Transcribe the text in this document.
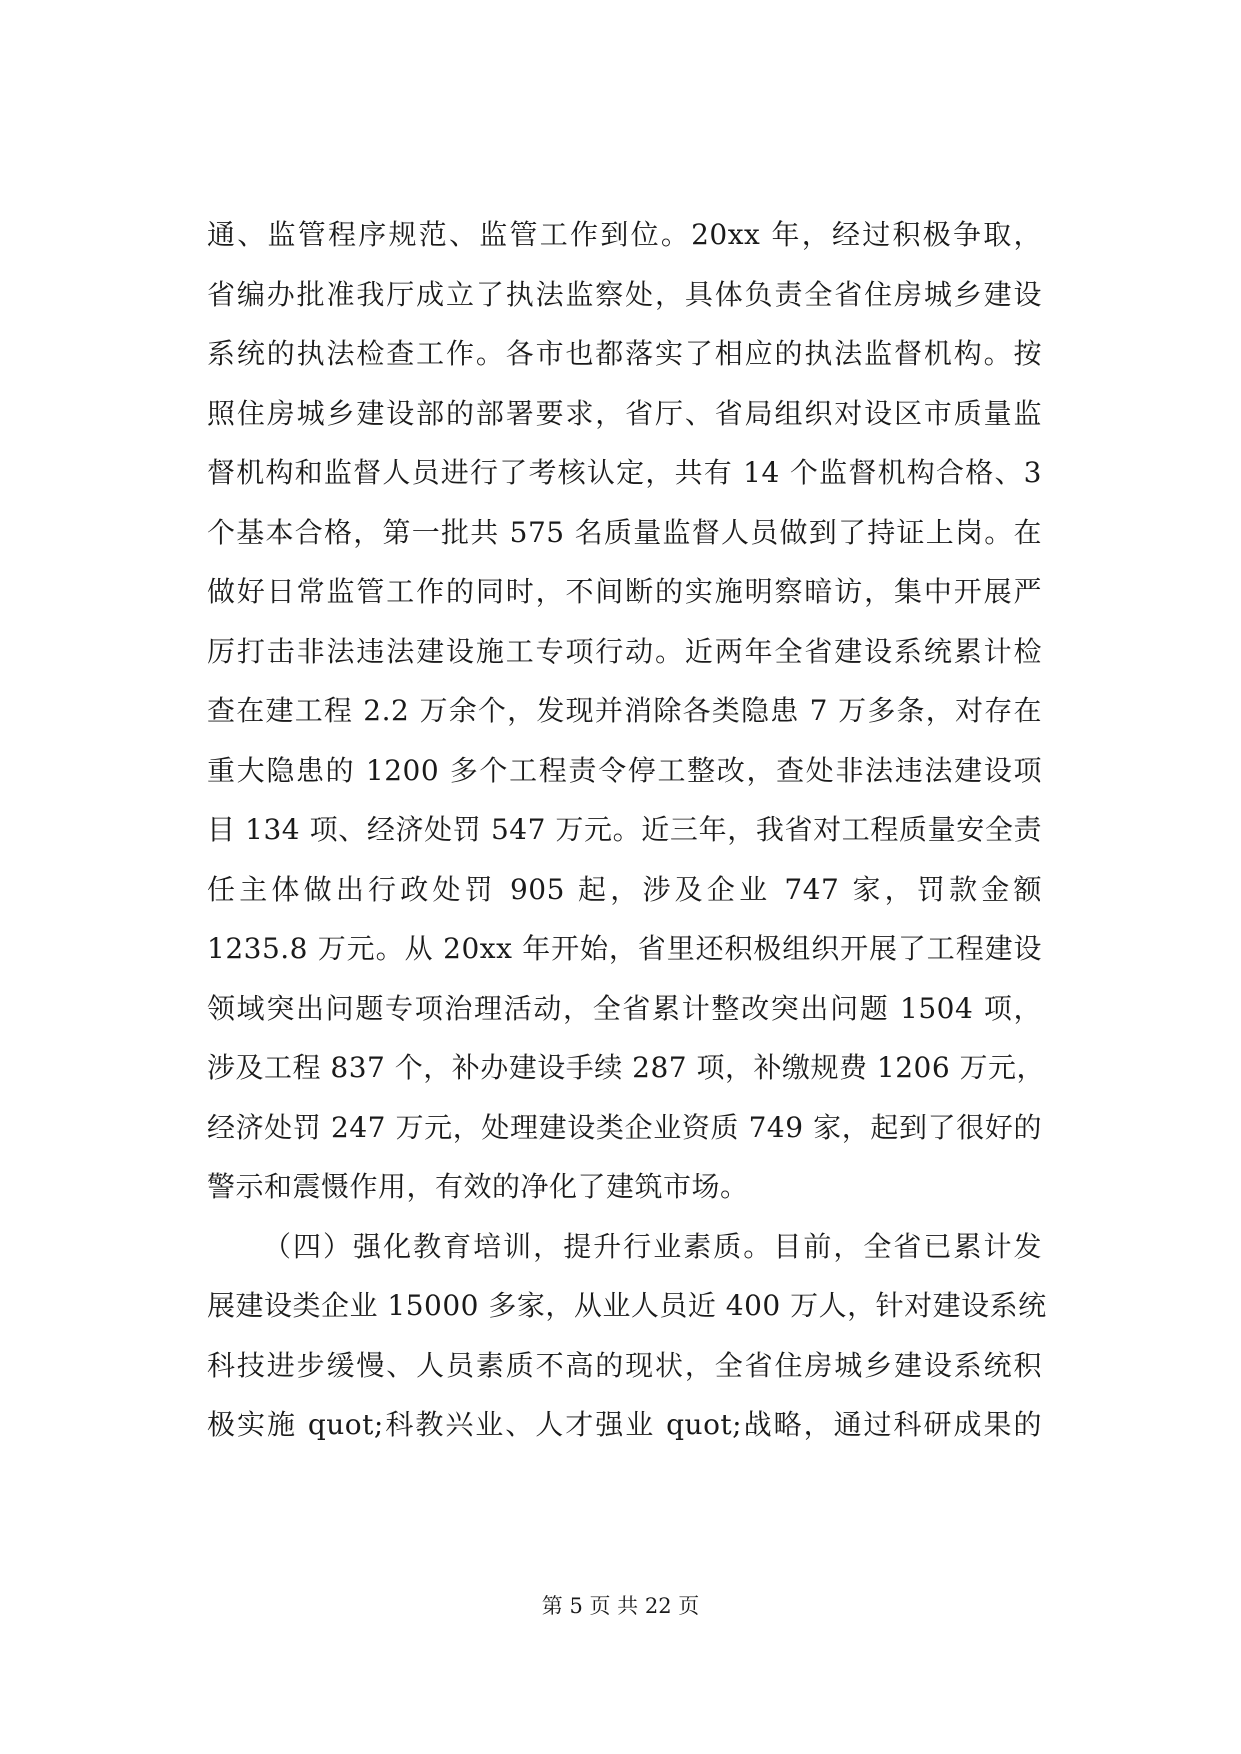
通、监管程序规范、监管工作到位。20xx 年，经过积极争取，
省编办批准我厅成立了执法监察处，具体负责全省住房城乡建设
系统的执法检查工作。各市也都落实了相应的执法监督机构。按
照住房城乡建设部的部署要求，省厅、省局组织对设区市质量监
督机构和监督人员进行了考核认定，共有 14 个监督机构合格、3
个基本合格，第一批共 575 名质量监督人员做到了持证上岗。在
做好日常监管工作的同时，不间断的实施明察暗访，集中开展严
厉打击非法违法建设施工专项行动。近两年全省建设系统累计检
查在建工程 2.2 万余个，发现并消除各类隐患 7 万多条，对存在
重大隐患的 1200 多个工程责令停工整改，查处非法违法建设项
目 134 项、经济处罚 547 万元。近三年，我省对工程质量安全责
任主体做出行政处罚 905 起，涉及企业 747 家，罚款金额
1235.8 万元。从 20xx 年开始，省里还积极组织开展了工程建设
领域突出问题专项治理活动，全省累计整改突出问题 1504 项，
涉及工程 837 个，补办建设手续 287 项，补缴规费 1206 万元，
经济处罚 247 万元，处理建设类企业资质 749 家，起到了很好的
警示和震慑作用，有效的净化了建筑市场。
（四）强化教育培训，提升行业素质。目前，全省已累计发
展建设类企业 15000 多家，从业人员近 400 万人，针对建设系统
科技进步缓慢、人员素质不高的现状，全省住房城乡建设系统积
极实施 quot;科教兴业、人才强业 quot;战略，通过科研成果的
第 5 页 共 22 页
